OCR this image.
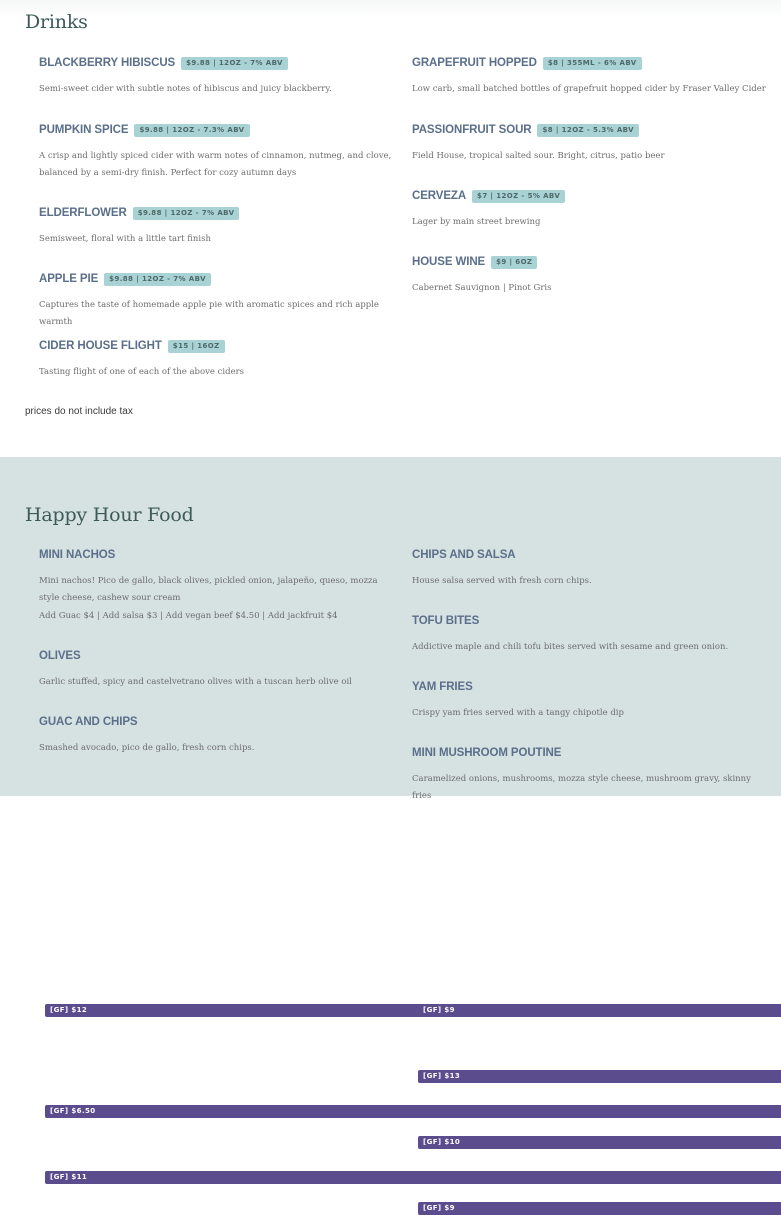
Drinks
BLACKBERRY HIBISCUS	$9.88 | 12OZ - 7% ABV
Semi-sweet cider with subtle notes of hibiscus and juicy blackberry.
PUMPKIN SPICE	$9.88 | 12OZ - 7.3% ABV
A crisp and lightly spiced cider with warm notes of cinnamon, nutmeg, and clove, balanced by a semi-dry finish. Perfect for cozy autumn days
ELDERFLOWER	$9.88 | 12OZ - 7% ABV
Semisweet, floral with a little tart finish
APPLE PIE	$9.88 | 12OZ - 7% ABV
Captures the taste of homemade apple pie with aromatic spices and rich apple warmth
CIDER HOUSE FLIGHT	$15 | 16OZ
Tasting flight of one of each of the above ciders
GRAPEFRUIT HOPPED	$8 | 355ML - 6% ABV
Low carb, small batched bottles of grapefruit hopped cider by Fraser Valley Cider
PASSIONFRUIT SOUR	$8 | 12OZ - 5.3% ABV
Field House, tropical salted sour. Bright, citrus, patio beer
CERVEZA	$7 | 12OZ - 5% ABV
Lager by main street brewing
HOUSE WINE	$9 | 6OZ
Cabernet Sauvignon | Pinot Gris
prices do not include tax
Happy Hour Food
MINI NACHOS
[GF] $12
Mini nachos! Pico de gallo, black olives, pickled onion, jalapeño, queso, mozza style cheese, cashew sour cream
Add Guac $4 | Add salsa $3 | Add vegan beef $4.50 | Add jackfruit $4
OLIVES
[GF] $6.50
Garlic stuffed, spicy and castelvetrano olives with a tuscan herb olive oil
GUAC AND CHIPS
[GF] $11
Smashed avocado, pico de gallo, fresh corn chips.
CHIPS AND SALSA
[GF] $9
House salsa served with fresh corn chips.
TOFU BITES
[GF] $13
Addictive maple and chili tofu bites served with sesame and green onion.
YAM FRIES
[GF] $10
Crispy yam fries served with a tangy chipotle dip
MINI MUSHROOM POUTINE
[GF] $9
Caramelized onions, mushrooms, mozza style cheese, mushroom gravy, skinny fries
